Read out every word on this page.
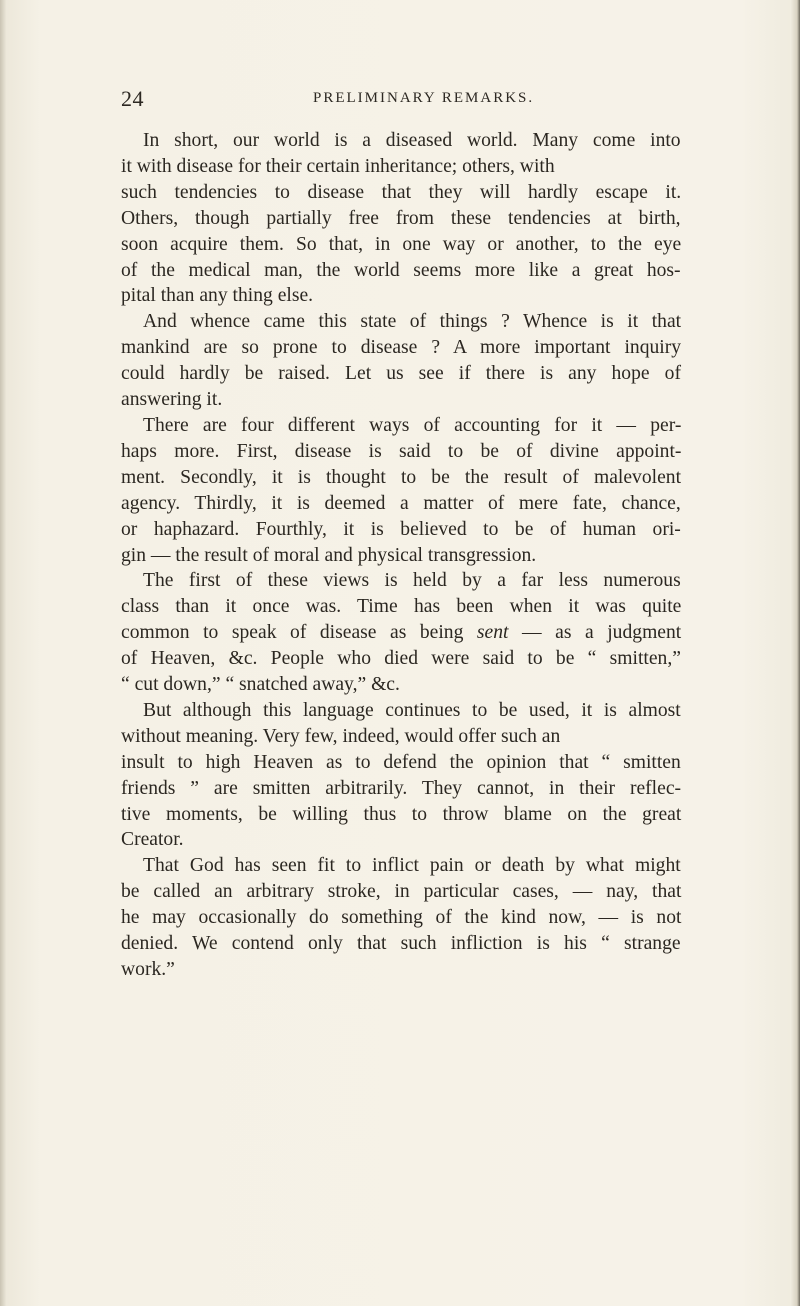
24	PRELIMINARY REMARKS.
In short, our world is a diseased world. Many come into
it with disease for their certain inheritance; others, with
such tendencies to disease that they will hardly escape it.
Others, though partially free from these tendencies at birth,
soon acquire them. So that, in one way or another, to the eye
of the medical man, the world seems more like a great hos-
pital than any thing else.
And whence came this state of things ? Whence is it that
mankind are so prone to disease ? A more important inquiry
could hardly be raised. Let us see if there is any hope of
answering it.
There are four different ways of accounting for it — per-
haps more. First, disease is said to be of divine appoint-
ment. Secondly, it is thought to be the result of malevolent
agency. Thirdly, it is deemed a matter of mere fate, chance,
or haphazard. Fourthly, it is believed to be of human ori-
gin — the result of moral and physical transgression.
The first of these views is held by a far less numerous
class than it once was. Time has been when it was quite
common to speak of disease as being sent — as a judgment
of Heaven, &c. People who died were said to be “ smitten,”
“ cut down,” “ snatched away,” &c.
But although this language continues to be used, it is almost
without meaning. Very few, indeed, would offer such an
insult to high Heaven as to defend the opinion that “ smitten
friends ” are smitten arbitrarily. They cannot, in their reflec-
tive moments, be willing thus to throw blame on the great
Creator.
That God has seen fit to inflict pain or death by what might
be called an arbitrary stroke, in particular cases, — nay, that
he may occasionally do something of the kind now, — is not
denied. We contend only that such infliction is his “ strange
work.”
